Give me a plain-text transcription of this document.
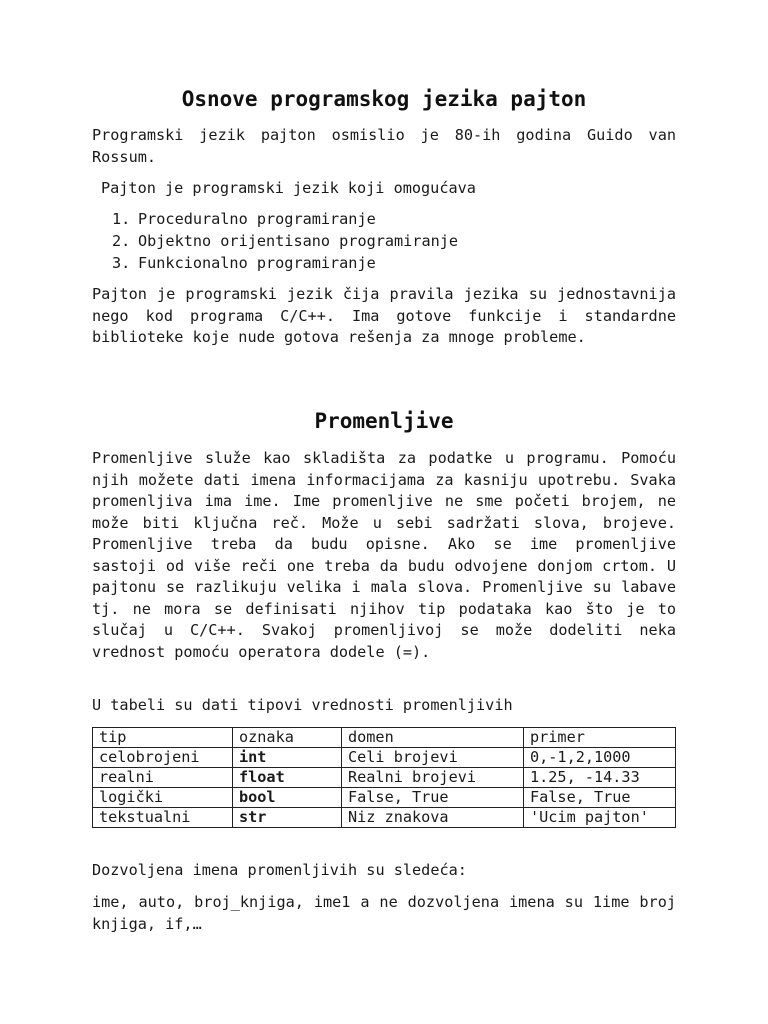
Osnove programskog jezika pajton

Programski jezik pajton osmislio je 80-ih godina Guido van Rossum.

Pajton je programski jezik koji omogućava

1. Proceduralno programiranje
2. Objektno orijentisano programiranje
3. Funkcionalno programiranje

Pajton je programski jezik čija pravila jezika su jednostavnija nego kod programa C/C++. Ima gotove funkcije i standardne biblioteke koje nude gotova rešenja za mnoge probleme.

Promenljive

Promenljive služe kao skladišta za podatke u programu. Pomoću njih možete dati imena informacijama za kasniju upotrebu. Svaka promenljiva ima ime. Ime promenljive ne sme početi brojem, ne može biti ključna reč. Može u sebi sadržati slova, brojeve. Promenljive treba da budu opisne. Ako se ime promenljive sastoji od više reči one treba da budu odvojene donjom crtom. U pajtonu se razlikuju velika i mala slova. Promenljive su labave tj. ne mora se definisati njihov tip podataka kao što je to slučaj u C/C++. Svakoj promenljivoj se može dodeliti neka vrednost pomoću operatora dodele (=).

U tabeli su dati tipovi vrednosti promenljivih

tip	oznaka	domen	primer
celobrojeni	int	Celi brojevi	0,-1,2,1000
realni	float	Realni brojevi	1.25, -14.33
logički	bool	False, True	False, True
tekstualni	str	Niz znakova	'Ucim pajton'

Dozvoljena imena promenljivih su sledeća:

ime, auto, broj_knjiga, ime1 a ne dozvoljena imena su 1ime broj knjiga, if,…
